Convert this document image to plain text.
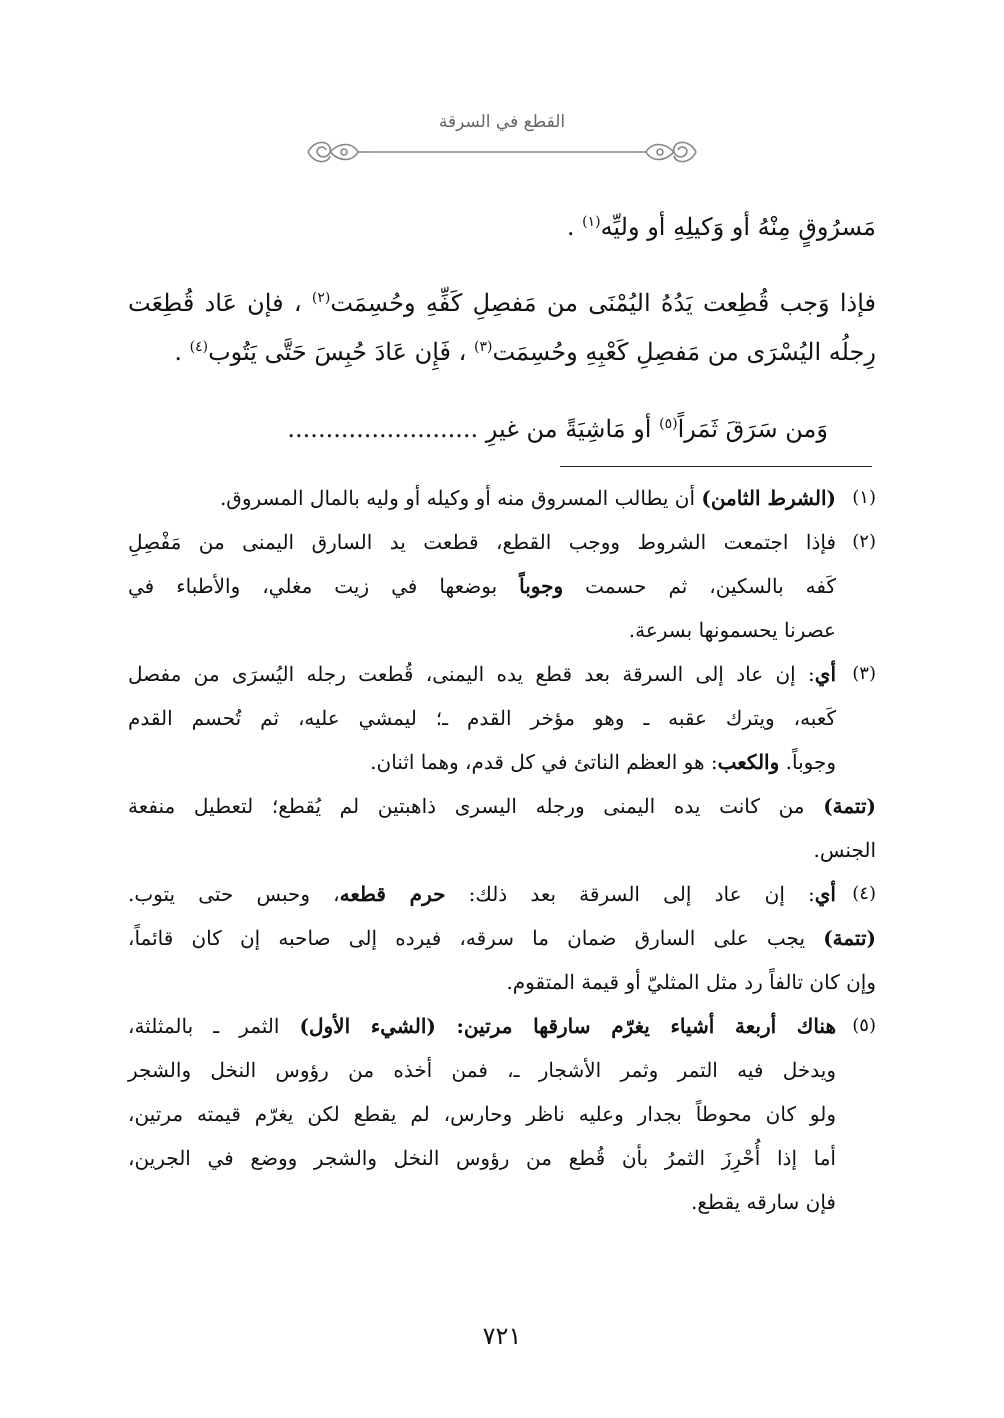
القطع في السرقة
مَسرُوقٍ مِنْهُ أو وَكيلِهِ أو وليِّه$^{(١)}$ .
فإذا وَجب قُطِعت يَدُهُ اليُمْنَى من مَفصِلِ كَفِّهِ وحُسِمَت$^{(٢)}$ ، فإن عَاد قُطِعَت
رِجلُه اليُسْرَى من مَفصِلِ كَعْبِهِ وحُسِمَت$^{(٣)}$ ، فَإِن عَادَ حُبِسَ حَتَّى يَتُوب$^{(٤)}$ .
وَمن سَرَقَ ثَمَراً$^{(٥)}$ أو مَاشِيَةً من غيرِ .........................
(١)
(الشرط الثامن) أن يطالب المسروق منه أو وكيله أو وليه بالمال المسروق.
(٢)
فإذا اجتمعت الشروط ووجب القطع، قطعت يد السارق اليمنى من مَفْصِلِ
كَفه بالسكين، ثم حسمت وجوباً بوضعها في زيت مغلي، والأطباء في
عصرنا يحسمونها بسرعة.
(٣)
أي: إن عاد إلى السرقة بعد قطع يده اليمنى، قُطعت رجله اليُسرَى من مفصل
كَعبه، ويترك عقبه ـ وهو مؤخر القدم ـ؛ ليمشي عليه، ثم تُحسم القدم
وجوباً. والكعب: هو العظم الناتئ في كل قدم، وهما اثنان.
(تتمة) من كانت يده اليمنى ورجله اليسرى ذاهبتين لم يُقطع؛ لتعطيل منفعة
الجنس.
(٤)
أي: إن عاد إلى السرقة بعد ذلك: حرم قطعه، وحبس حتى يتوب.
(تتمة) يجب على السارق ضمان ما سرقه، فيرده إلى صاحبه إن كان قائماً،
وإن كان تالفاً رد مثل المثليّ أو قيمة المتقوم.
(٥)
هناك أربعة أشياء يغرّم سارقها مرتين: (الشيء الأول) الثمر ـ بالمثلثة،
ويدخل فيه التمر وثمر الأشجار ـ، فمن أخذه من رؤوس النخل والشجر
ولو كان محوطاً بجدار وعليه ناظر وحارس، لم يقطع لكن يغرّم قيمته مرتين،
أما إذا أُحْرِزَ الثمرُ بأن قُطع من رؤوس النخل والشجر ووضع في الجرين،
فإن سارقه يقطع.
٧٢١
